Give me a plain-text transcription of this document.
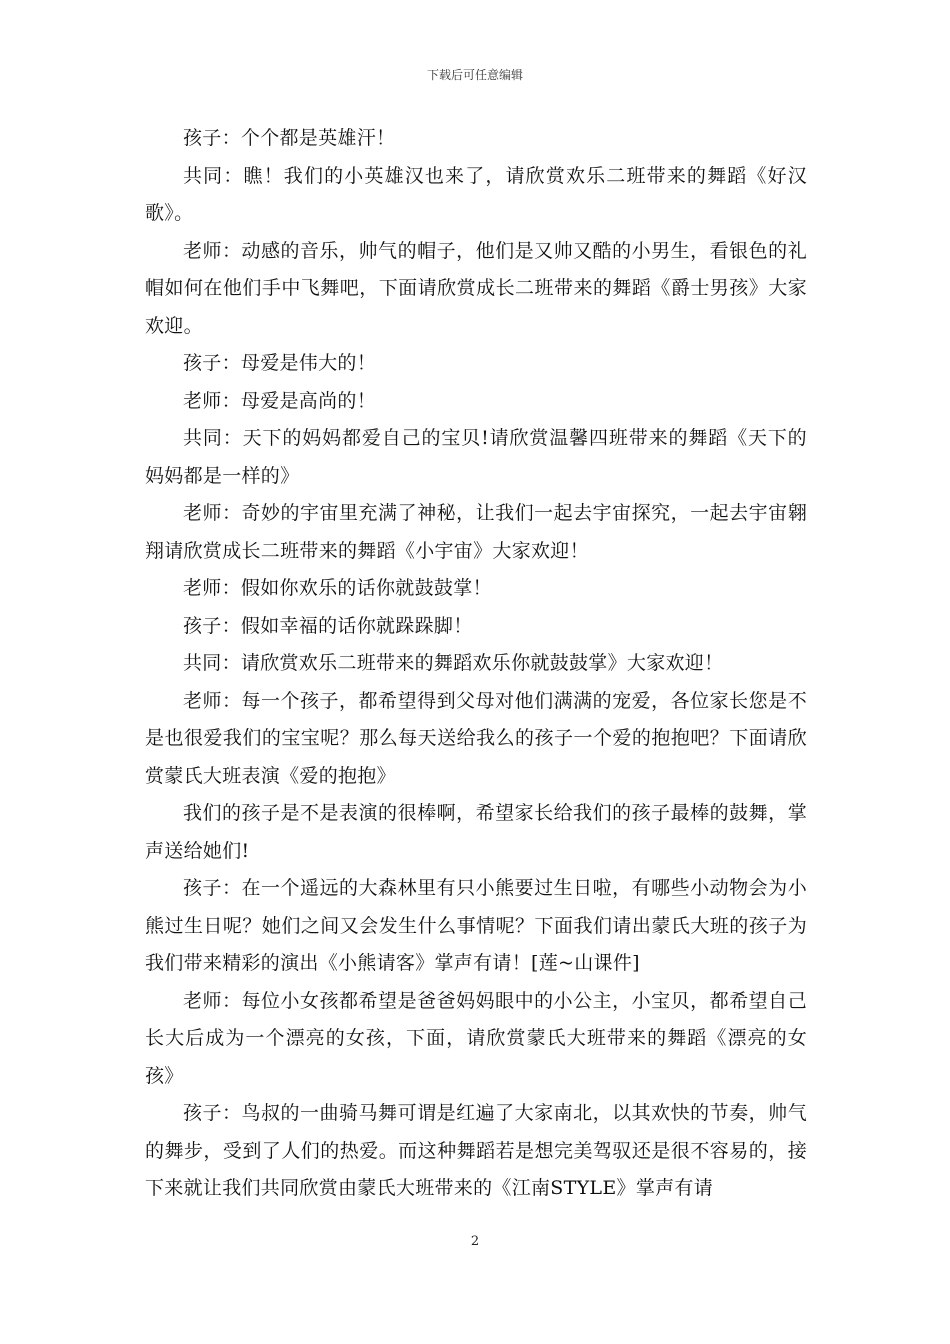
下载后可任意编辑

孩子：个个都是英雄汗！

共同：瞧！我们的小英雄汉也来了，请欣赏欢乐二班带来的舞蹈《好汉歌》。

老师：动感的音乐，帅气的帽子，他们是又帅又酷的小男生，看银色的礼帽如何在他们手中飞舞吧，下面请欣赏成长二班带来的舞蹈《爵士男孩》大家欢迎。

孩子：母爱是伟大的！

老师：母爱是高尚的！

共同：天下的妈妈都爱自己的宝贝!请欣赏温馨四班带来的舞蹈《天下的妈妈都是一样的》

老师：奇妙的宇宙里充满了神秘，让我们一起去宇宙探究，一起去宇宙翱翔请欣赏成长二班带来的舞蹈《小宇宙》大家欢迎！

老师：假如你欢乐的话你就鼓鼓掌！

孩子：假如幸福的话你就跺跺脚！

共同：请欣赏欢乐二班带来的舞蹈欢乐你就鼓鼓掌》大家欢迎！

老师：每一个孩子，都希望得到父母对他们满满的宠爱，各位家长您是不是也很爱我们的宝宝呢？那么每天送给我么的孩子一个爱的抱抱吧？下面请欣赏蒙氏大班表演《爱的抱抱》

我们的孩子是不是表演的很棒啊，希望家长给我们的孩子最棒的鼓舞，掌声送给她们!

孩子：在一个遥远的大森林里有只小熊要过生日啦，有哪些小动物会为小熊过生日呢？她们之间又会发生什么事情呢？下面我们请出蒙氏大班的孩子为我们带来精彩的演出《小熊请客》掌声有请！[莲~山课件]

老师：每位小女孩都希望是爸爸妈妈眼中的小公主，小宝贝，都希望自己长大后成为一个漂亮的女孩，下面，请欣赏蒙氏大班带来的舞蹈《漂亮的女孩》

孩子：鸟叔的一曲骑马舞可谓是红遍了大家南北，以其欢快的节奏，帅气的舞步，受到了人们的热爱。而这种舞蹈若是想完美驾驭还是很不容易的，接下来就让我们共同欣赏由蒙氏大班带来的《江南STYLE》掌声有请

2
